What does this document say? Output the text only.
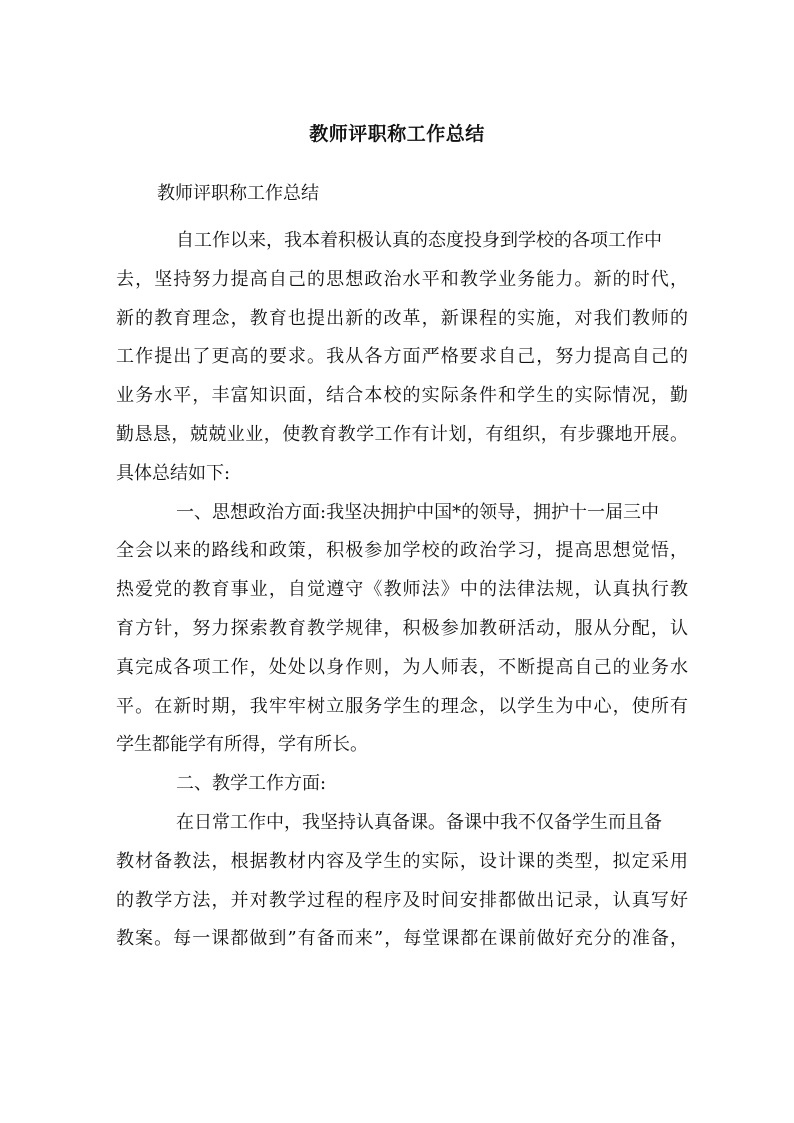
教师评职称工作总结
教师评职称工作总结
自工作以来，我本着积极认真的态度投身到学校的各项工作中
去，坚持努力提高自己的思想政治水平和教学业务能力。新的时代，
新的教育理念，教育也提出新的改革，新课程的实施，对我们教师的
工作提出了更高的要求。我从各方面严格要求自己，努力提高自己的
业务水平，丰富知识面，结合本校的实际条件和学生的实际情况，勤
勤恳恳，兢兢业业，使教育教学工作有计划，有组织，有步骤地开展。
具体总结如下:
一、思想政治方面:我坚决拥护中国*的领导，拥护十一届三中
全会以来的路线和政策，积极参加学校的政治学习，提高思想觉悟，
热爱党的教育事业，自觉遵守《教师法》中的法律法规，认真执行教
育方针，努力探索教育教学规律，积极参加教研活动，服从分配，认
真完成各项工作，处处以身作则，为人师表，不断提高自己的业务水
平。在新时期，我牢牢树立服务学生的理念，以学生为中心，使所有
学生都能学有所得，学有所长。
二、教学工作方面:
在日常工作中，我坚持认真备课。备课中我不仅备学生而且备
教材备教法，根据教材内容及学生的实际，设计课的类型，拟定采用
的教学方法，并对教学过程的程序及时间安排都做出记录，认真写好
教案。每一课都做到”有备而来”，每堂课都在课前做好充分的准备，
